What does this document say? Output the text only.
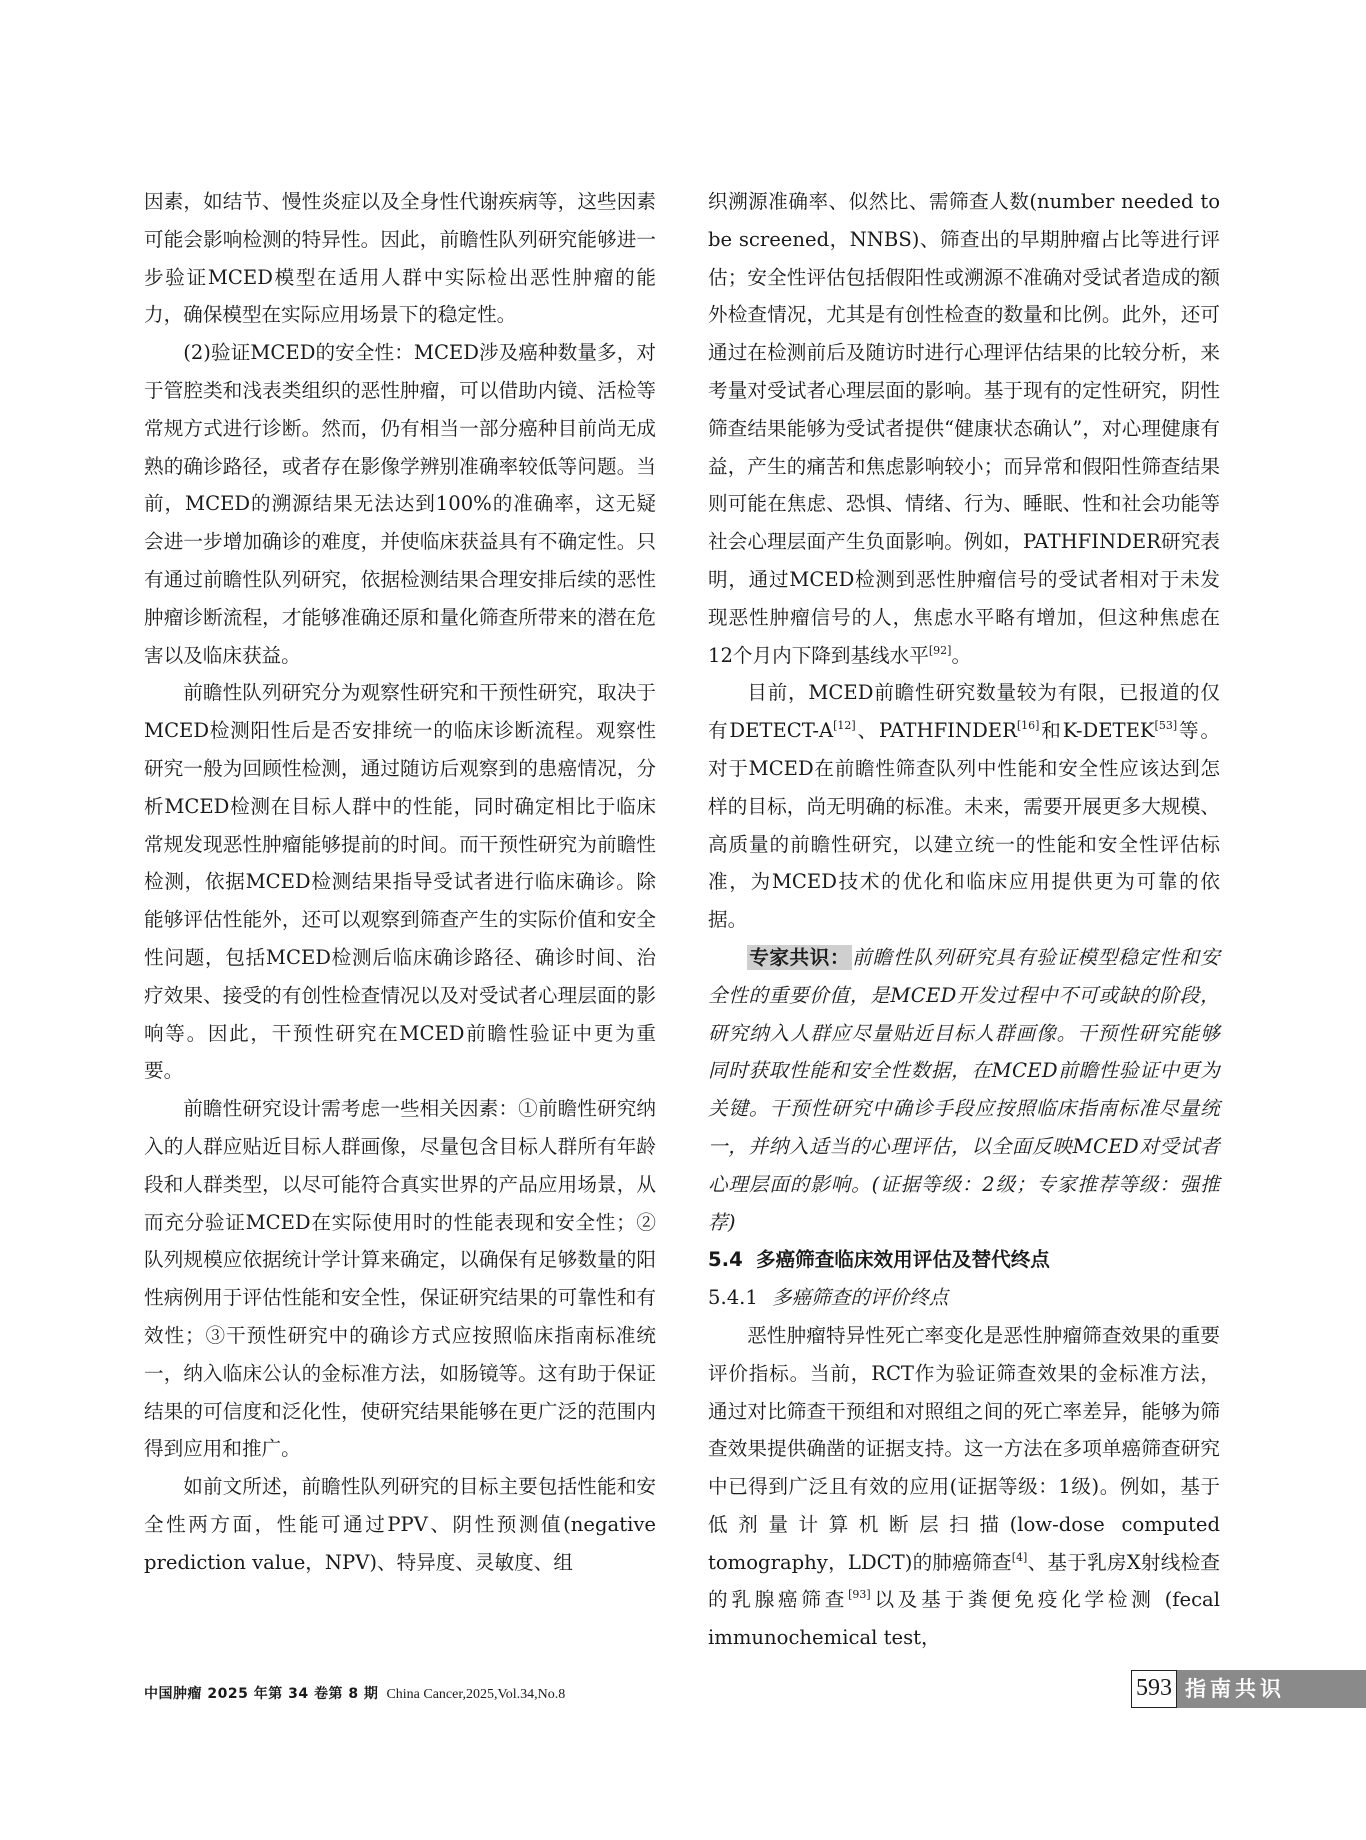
因素，如结节、慢性炎症以及全身性代谢疾病等，这些因素可能会影响检测的特异性。因此，前瞻性队列研究能够进一步验证MCED模型在适用人群中实际检出恶性肿瘤的能力，确保模型在实际应用场景下的稳定性。

(2)验证MCED的安全性：MCED涉及癌种数量多，对于管腔类和浅表类组织的恶性肿瘤，可以借助内镜、活检等常规方式进行诊断。然而，仍有相当一部分癌种目前尚无成熟的确诊路径，或者存在影像学辨别准确率较低等问题。当前，MCED的溯源结果无法达到100%的准确率，这无疑会进一步增加确诊的难度，并使临床获益具有不确定性。只有通过前瞻性队列研究，依据检测结果合理安排后续的恶性肿瘤诊断流程，才能够准确还原和量化筛查所带来的潜在危害以及临床获益。

前瞻性队列研究分为观察性研究和干预性研究，取决于MCED检测阳性后是否安排统一的临床诊断流程。观察性研究一般为回顾性检测，通过随访后观察到的患癌情况，分析MCED检测在目标人群中的性能，同时确定相比于临床常规发现恶性肿瘤能够提前的时间。而干预性研究为前瞻性检测，依据MCED检测结果指导受试者进行临床确诊。除能够评估性能外，还可以观察到筛查产生的实际价值和安全性问题，包括MCED检测后临床确诊路径、确诊时间、治疗效果、接受的有创性检查情况以及对受试者心理层面的影响等。因此，干预性研究在MCED前瞻性验证中更为重要。

前瞻性研究设计需考虑一些相关因素：①前瞻性研究纳入的人群应贴近目标人群画像，尽量包含目标人群所有年龄段和人群类型，以尽可能符合真实世界的产品应用场景，从而充分验证MCED在实际使用时的性能表现和安全性；②队列规模应依据统计学计算来确定，以确保有足够数量的阳性病例用于评估性能和安全性，保证研究结果的可靠性和有效性；③干预性研究中的确诊方式应按照临床指南标准统一，纳入临床公认的金标准方法，如肠镜等。这有助于保证结果的可信度和泛化性，使研究结果能够在更广泛的范围内得到应用和推广。

如前文所述，前瞻性队列研究的目标主要包括性能和安全性两方面，性能可通过PPV、阴性预测值(negative prediction value，NPV)、特异度、灵敏度、组

织溯源准确率、似然比、需筛查人数(number needed to be screened，NNBS)、筛查出的早期肿瘤占比等进行评估；安全性评估包括假阳性或溯源不准确对受试者造成的额外检查情况，尤其是有创性检查的数量和比例。此外，还可通过在检测前后及随访时进行心理评估结果的比较分析，来考量对受试者心理层面的影响。基于现有的定性研究，阴性筛查结果能够为受试者提供“健康状态确认”，对心理健康有益，产生的痛苦和焦虑影响较小；而异常和假阳性筛查结果则可能在焦虑、恐惧、情绪、行为、睡眠、性和社会功能等社会心理层面产生负面影响。例如，PATHFINDER研究表明，通过MCED检测到恶性肿瘤信号的受试者相对于未发现恶性肿瘤信号的人，焦虑水平略有增加，但这种焦虑在12个月内下降到基线水平[92]。

目前，MCED前瞻性研究数量较为有限，已报道的仅有DETECT-A[12]、PATHFINDER[16]和K-DETEK[53]等。对于MCED在前瞻性筛查队列中性能和安全性应该达到怎样的目标，尚无明确的标准。未来，需要开展更多大规模、高质量的前瞻性研究，以建立统一的性能和安全性评估标准，为MCED技术的优化和临床应用提供更为可靠的依据。

专家共识： 前瞻性队列研究具有验证模型稳定性和安全性的重要价值，是MCED开发过程中不可或缺的阶段，研究纳入人群应尽量贴近目标人群画像。干预性研究能够同时获取性能和安全性数据，在MCED前瞻性验证中更为关键。干预性研究中确诊手段应按照临床指南标准尽量统一，并纳入适当的心理评估，以全面反映MCED对受试者心理层面的影响。(证据等级：2级；专家推荐等级：强推荐)

5.4 多癌筛查临床效用评估及替代终点
5.4.1 多癌筛查的评价终点

恶性肿瘤特异性死亡率变化是恶性肿瘤筛查效果的重要评价指标。当前，RCT作为验证筛查效果的金标准方法，通过对比筛查干预组和对照组之间的死亡率差异，能够为筛查效果提供确凿的证据支持。这一方法在多项单癌筛查研究中已得到广泛且有效的应用(证据等级：1级)。例如，基于低剂量计算机断层扫描(low-dose computed tomography，LDCT)的肺癌筛查[4]、基于乳房X射线检查的乳腺癌筛查[93]以及基于粪便免疫化学检测 (fecal immunochemical test，

中国肿瘤 2025 年第 34 卷第 8 期 China Cancer,2025,Vol.34,No.8	593 指南共识
